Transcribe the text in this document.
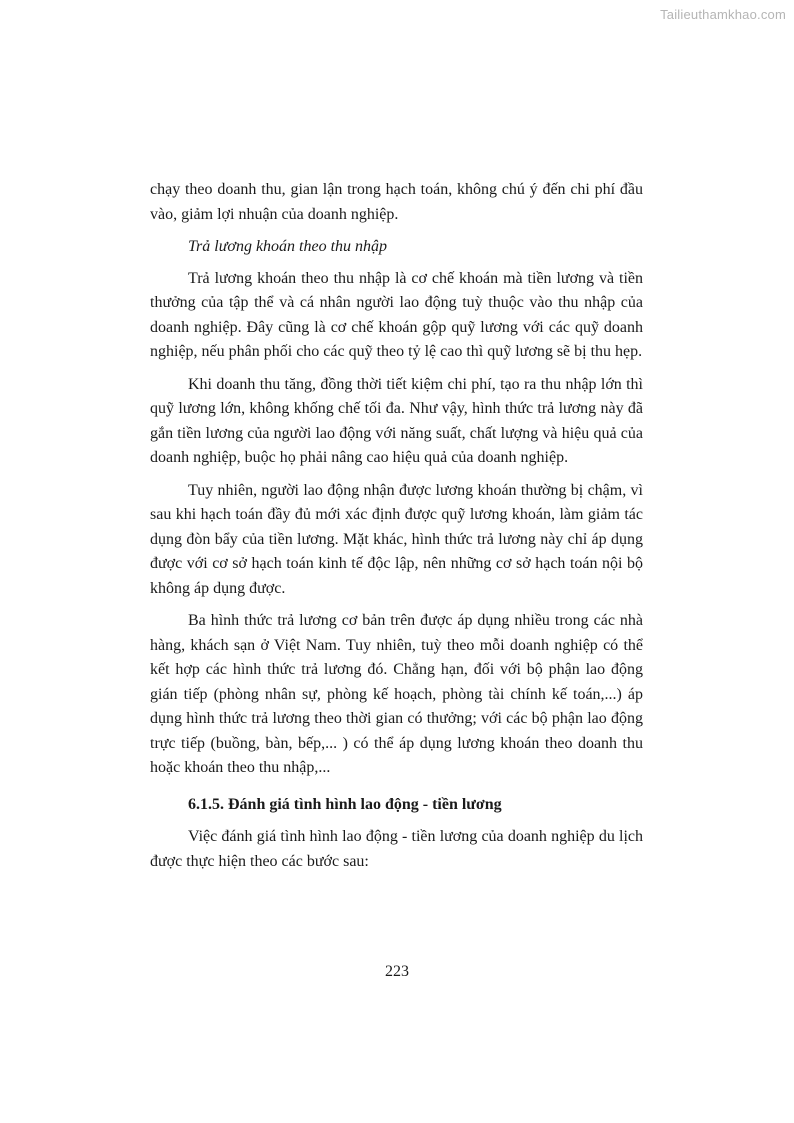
Tailieuthamkhao.com

chạy theo doanh thu, gian lận trong hạch toán, không chú ý đến chi phí đầu vào, giảm lợi nhuận của doanh nghiệp.

Trả lương khoán theo thu nhập

Trả lương khoán theo thu nhập là cơ chế khoán mà tiền lương và tiền thưởng của tập thể và cá nhân người lao động tuỳ thuộc vào thu nhập của doanh nghiệp. Đây cũng là cơ chế khoán gộp quỹ lương với các quỹ doanh nghiệp, nếu phân phối cho các quỹ theo tỷ lệ cao thì quỹ lương sẽ bị thu hẹp.

Khi doanh thu tăng, đồng thời tiết kiệm chi phí, tạo ra thu nhập lớn thì quỹ lương lớn, không khống chế tối đa. Như vậy, hình thức trả lương này đã gắn tiền lương của người lao động với năng suất, chất lượng và hiệu quả của doanh nghiệp, buộc họ phải nâng cao hiệu quả của doanh nghiệp.

Tuy nhiên, người lao động nhận được lương khoán thường bị chậm, vì sau khi hạch toán đầy đủ mới xác định được quỹ lương khoán, làm giảm tác dụng đòn bẩy của tiền lương. Mặt khác, hình thức trả lương này chỉ áp dụng được với cơ sở hạch toán kinh tế độc lập, nên những cơ sở hạch toán nội bộ không áp dụng được.

Ba hình thức trả lương cơ bản trên được áp dụng nhiều trong các nhà hàng, khách sạn ở Việt Nam. Tuy nhiên, tuỳ theo mỗi doanh nghiệp có thể kết hợp các hình thức trả lương đó. Chẳng hạn, đối với bộ phận lao động gián tiếp (phòng nhân sự, phòng kế hoạch, phòng tài chính kế toán,...) áp dụng hình thức trả lương theo thời gian có thưởng; với các bộ phận lao động trực tiếp (buồng, bàn, bếp,... ) có thể áp dụng lương khoán theo doanh thu hoặc khoán theo thu nhập,...

6.1.5. Đánh giá tình hình lao động - tiền lương

Việc đánh giá tình hình lao động - tiền lương của doanh nghiệp du lịch được thực hiện theo các bước sau:

223
